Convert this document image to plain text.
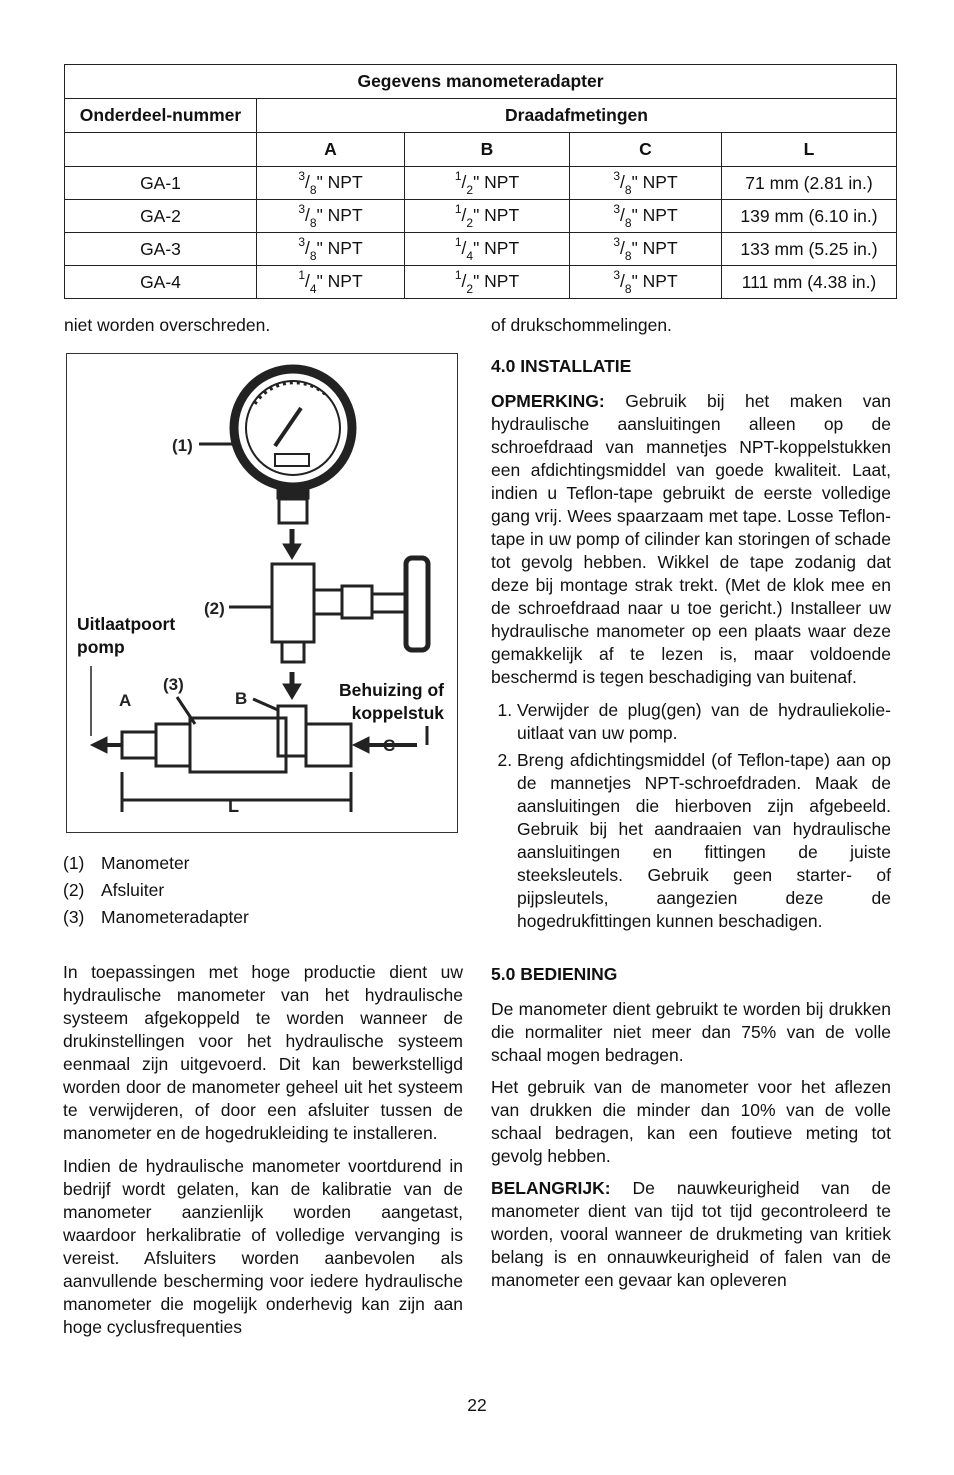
Gegevens manometeradapter				
Onderdeel-nummer	Draadafmetingen			
	A	B	C	L
GA-1	$^3/_8$" NPT	$^1/_2$" NPT	$^3/_8$" NPT	71 mm (2.81 in.)
GA-2	$^3/_8$" NPT	$^1/_2$" NPT	$^3/_8$" NPT	139 mm (6.10 in.)
GA-3	$^3/_8$" NPT	$^1/_4$" NPT	$^3/_8$" NPT	133 mm (5.25 in.)
GA-4	$^1/_4$" NPT	$^1/_2$" NPT	$^3/_8$" NPT	111 mm (4.38 in.)
niet worden overschreden.
(1)
(2)
Uitlaatpoort
pomp
Behuizing of
koppelstuk
A
(3)
B
C
L
(1) Manometer
(2) Afsluiter
(3) Manometeradapter

In toepassingen met hoge productie dient uw hydraulische manometer van het hydraulische systeem afgekoppeld te worden wanneer de drukinstellingen voor het hydraulische systeem eenmaal zijn uitgevoerd. Dit kan bewerkstelligd worden door de manometer geheel uit het systeem te verwijderen, of door een afsluiter tussen de manometer en de hogedrukleiding te installeren.

Indien de hydraulische manometer voortdurend in bedrijf wordt gelaten, kan de kalibratie van de manometer aanzienlijk worden aangetast, waardoor herkalibratie of volledige vervanging is vereist. Afsluiters worden aanbevolen als aanvullende bescherming voor iedere hydraulische manometer die mogelijk onderhevig kan zijn aan hoge cyclusfrequenties

of drukschommelingen.

4.0 INSTALLATIE

OPMERKING: Gebruik bij het maken van hydraulische aansluitingen alleen op de schroefdraad van mannetjes NPT-koppelstukken een afdichtingsmiddel van goede kwaliteit. Laat, indien u Teflon-tape gebruikt de eerste volledige gang vrij. Wees spaarzaam met tape. Losse Teflon-tape in uw pomp of cilinder kan storingen of schade tot gevolg hebben. Wikkel de tape zodanig dat deze bij montage strak trekt. (Met de klok mee en de schroefdraad naar u toe gericht.) Installeer uw hydraulische manometer op een plaats waar deze gemakkelijk af te lezen is, maar voldoende beschermd is tegen beschadiging van buitenaf.

1. Verwijder de plug(gen) van de hydrauliekolie-uitlaat van uw pomp.
2. Breng afdichtingsmiddel (of Teflon-tape) aan op de mannetjes NPT-schroefdraden. Maak de aansluitingen die hierboven zijn afgebeeld. Gebruik bij het aandraaien van hydraulische aansluitingen en fittingen de juiste steeksleutels. Gebruik geen starter- of pijpsleutels, aangezien deze de hogedrukfittingen kunnen beschadigen.
5.0 BEDIENING

De manometer dient gebruikt te worden bij drukken die normaliter niet meer dan 75% van de volle schaal mogen bedragen.

Het gebruik van de manometer voor het aflezen van drukken die minder dan 10% van de volle schaal bedragen, kan een foutieve meting tot gevolg hebben.

BELANGRIJK: De nauwkeurigheid van de manometer dient van tijd tot tijd gecontroleerd te worden, vooral wanneer de drukmeting van kritiek belang is en onnauwkeurigheid of falen van de manometer een gevaar kan opleveren

22
